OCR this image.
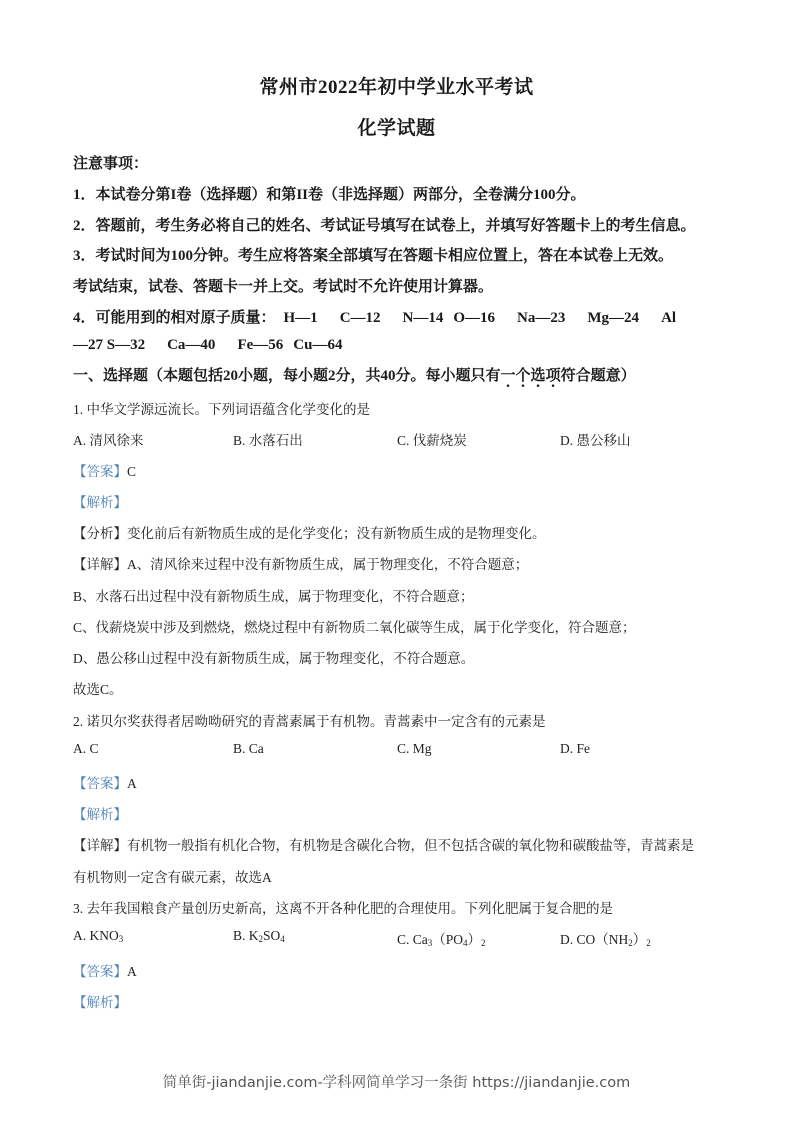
常州市2022年初中学业水平考试
化学试题
注意事项：
1．本试卷分第I卷（选择题）和第II卷（非选择题）两部分，全卷满分100分。
2．答题前，考生务必将自己的姓名、考试证号填写在试卷上，并填写好答题卡上的考生信息。
3．考试时间为100分钟。考生应将答案全部填写在答题卡相应位置上，答在本试卷上无效。
考试结束，试卷、答题卡一并上交。考试时不允许使用计算器。
4．可能用到的相对原子质量： H—1 C—12 N—14 O—16 Na—23 Mg—24 Al
—27 S—32 Ca—40 Fe—56 Cu—64
一、选择题（本题包括20小题，每小题2分，共40分。每小题只有一个选项符合题意）
1. 中华文学源远流长。下列词语蕴含化学变化的是
A. 清风徐来	B. 水落石出	C. 伐薪烧炭	D. 愚公移山
【答案】C
【解析】
【分析】变化前后有新物质生成的是化学变化；没有新物质生成的是物理变化。
【详解】A、清风徐来过程中没有新物质生成，属于物理变化，不符合题意；
B、水落石出过程中没有新物质生成，属于物理变化，不符合题意；
C、伐薪烧炭中涉及到燃烧，燃烧过程中有新物质二氧化碳等生成，属于化学变化，符合题意；
D、愚公移山过程中没有新物质生成，属于物理变化，不符合题意。
故选C。
2. 诺贝尔奖获得者居呦呦研究的青蒿素属于有机物。青蒿素中一定含有的元素是
A. C	B. Ca	C. Mg	D. Fe
【答案】A
【解析】
【详解】有机物一般指有机化合物，有机物是含碳化合物，但不包括含碳的氧化物和碳酸盐等，青蒿素是
有机物则一定含有碳元素，故选A
3. 去年我国粮食产量创历史新高，这离不开各种化肥的合理使用。下列化肥属于复合肥的是
A. $KNO_3$	B. $K_2SO_4$	C. $Ca_3(PO_4)_2$	D. $CO(NH_2)_2$
【答案】A
【解析】
简单街-jiandanjie.com-学科网简单学习一条街 https://jiandanjie.com
